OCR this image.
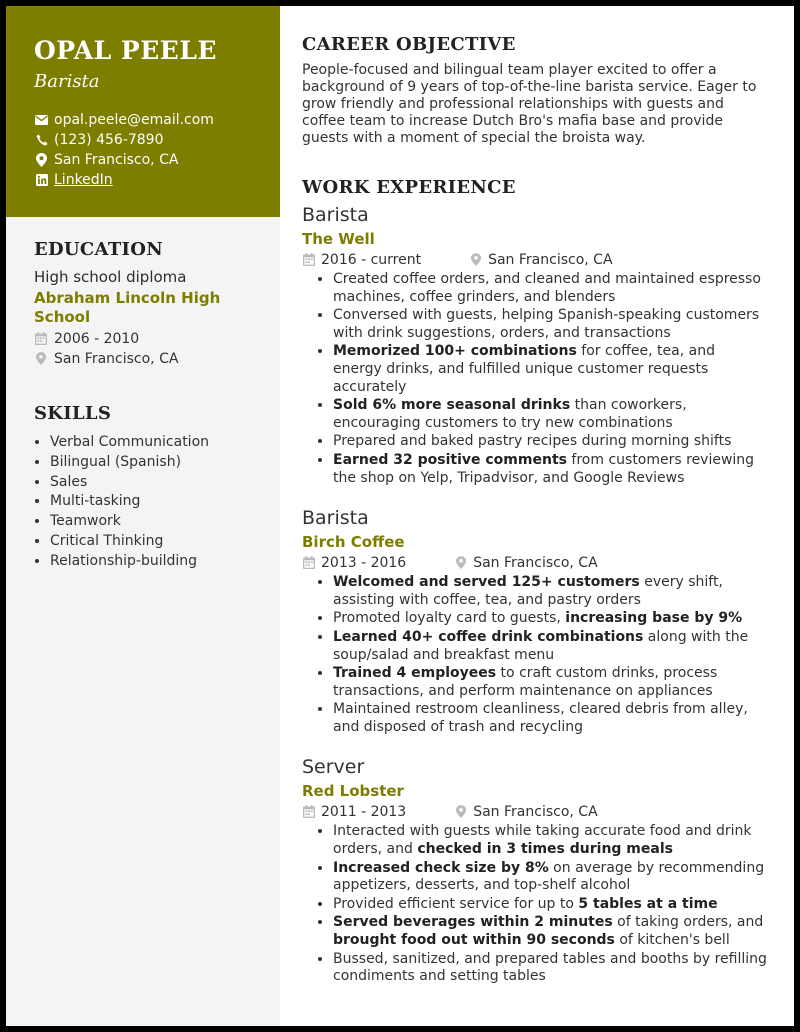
OPAL PEELE
Barista
opal.peele@email.com
(123) 456-7890
San Francisco, CA
LinkedIn
EDUCATION
High school diploma
Abraham Lincoln High School
2006 - 2010
San Francisco, CA
SKILLS
• Verbal Communication
• Bilingual (Spanish)
• Sales
• Multi-tasking
• Teamwork
• Critical Thinking
• Relationship-building
CAREER OBJECTIVE

People-focused and bilingual team player excited to offer a background of 9 years of top-of-the-line barista service. Eager to grow friendly and professional relationships with guests and coffee team to increase Dutch Bro's mafia base and provide guests with a moment of special the broista way.

WORK EXPERIENCE
Barista
The Well
2016 - current	San Francisco, CA
• Created coffee orders, and cleaned and maintained espresso machines, coffee grinders, and blenders
• Conversed with guests, helping Spanish-speaking customers with drink suggestions, orders, and transactions
• Memorized 100+ combinations for coffee, tea, and energy drinks, and fulfilled unique customer requests accurately
• Sold 6% more seasonal drinks than coworkers, encouraging customers to try new combinations
• Prepared and baked pastry recipes during morning shifts
• Earned 32 positive comments from customers reviewing the shop on Yelp, Tripadvisor, and Google Reviews
Barista
Birch Coffee
2013 - 2016	San Francisco, CA
• Welcomed and served 125+ customers every shift, assisting with coffee, tea, and pastry orders
• Promoted loyalty card to guests, increasing base by 9%
• Learned 40+ coffee drink combinations along with the soup/salad and breakfast menu
• Trained 4 employees to craft custom drinks, process transactions, and perform maintenance on appliances
• Maintained restroom cleanliness, cleared debris from alley, and disposed of trash and recycling
Server
Red Lobster
2011 - 2013	San Francisco, CA
• Interacted with guests while taking accurate food and drink orders, and checked in 3 times during meals
• Increased check size by 8% on average by recommending appetizers, desserts, and top-shelf alcohol
• Provided efficient service for up to 5 tables at a time
• Served beverages within 2 minutes of taking orders, and brought food out within 90 seconds of kitchen's bell
• Bussed, sanitized, and prepared tables and booths by refilling condiments and setting tables
